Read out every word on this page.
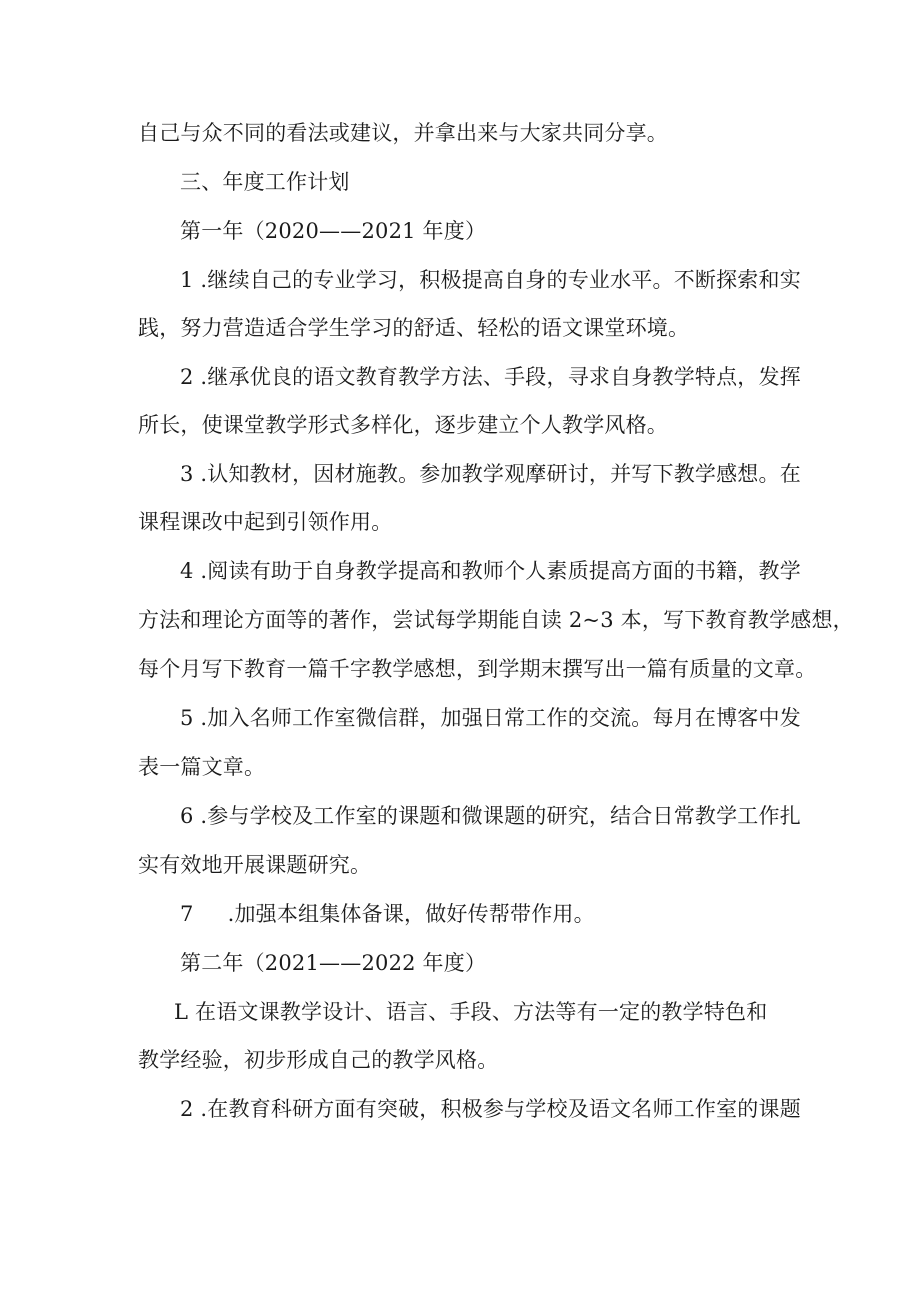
自己与众不同的看法或建议，并拿出来与大家共同分享。

三、年度工作计划

第一年（2020——2021 年度）

1 .继续自己的专业学习，积极提高自身的专业水平。不断探索和实

践，努力营造适合学生学习的舒适、轻松的语文课堂环境。

2 .继承优良的语文教育教学方法、手段，寻求自身教学特点，发挥

所长，使课堂教学形式多样化，逐步建立个人教学风格。

3 .认知教材，因材施教。参加教学观摩研讨，并写下教学感想。在

课程课改中起到引领作用。

4 .阅读有助于自身教学提高和教师个人素质提高方面的书籍，教学

方法和理论方面等的著作，尝试每学期能自读 2~3 本，写下教育教学感想，

每个月写下教育一篇千字教学感想，到学期末撰写出一篇有质量的文章。

5 .加入名师工作室微信群，加强日常工作的交流。每月在博客中发

表一篇文章。

6 .参与学校及工作室的课题和微课题的研究，结合日常教学工作扎

实有效地开展课题研究。

7 .加强本组集体备课，做好传帮带作用。

第二年（2021——2022 年度）

L 在语文课教学设计、语言、手段、方法等有一定的教学特色和

教学经验，初步形成自己的教学风格。

2 .在教育科研方面有突破，积极参与学校及语文名师工作室的课题
